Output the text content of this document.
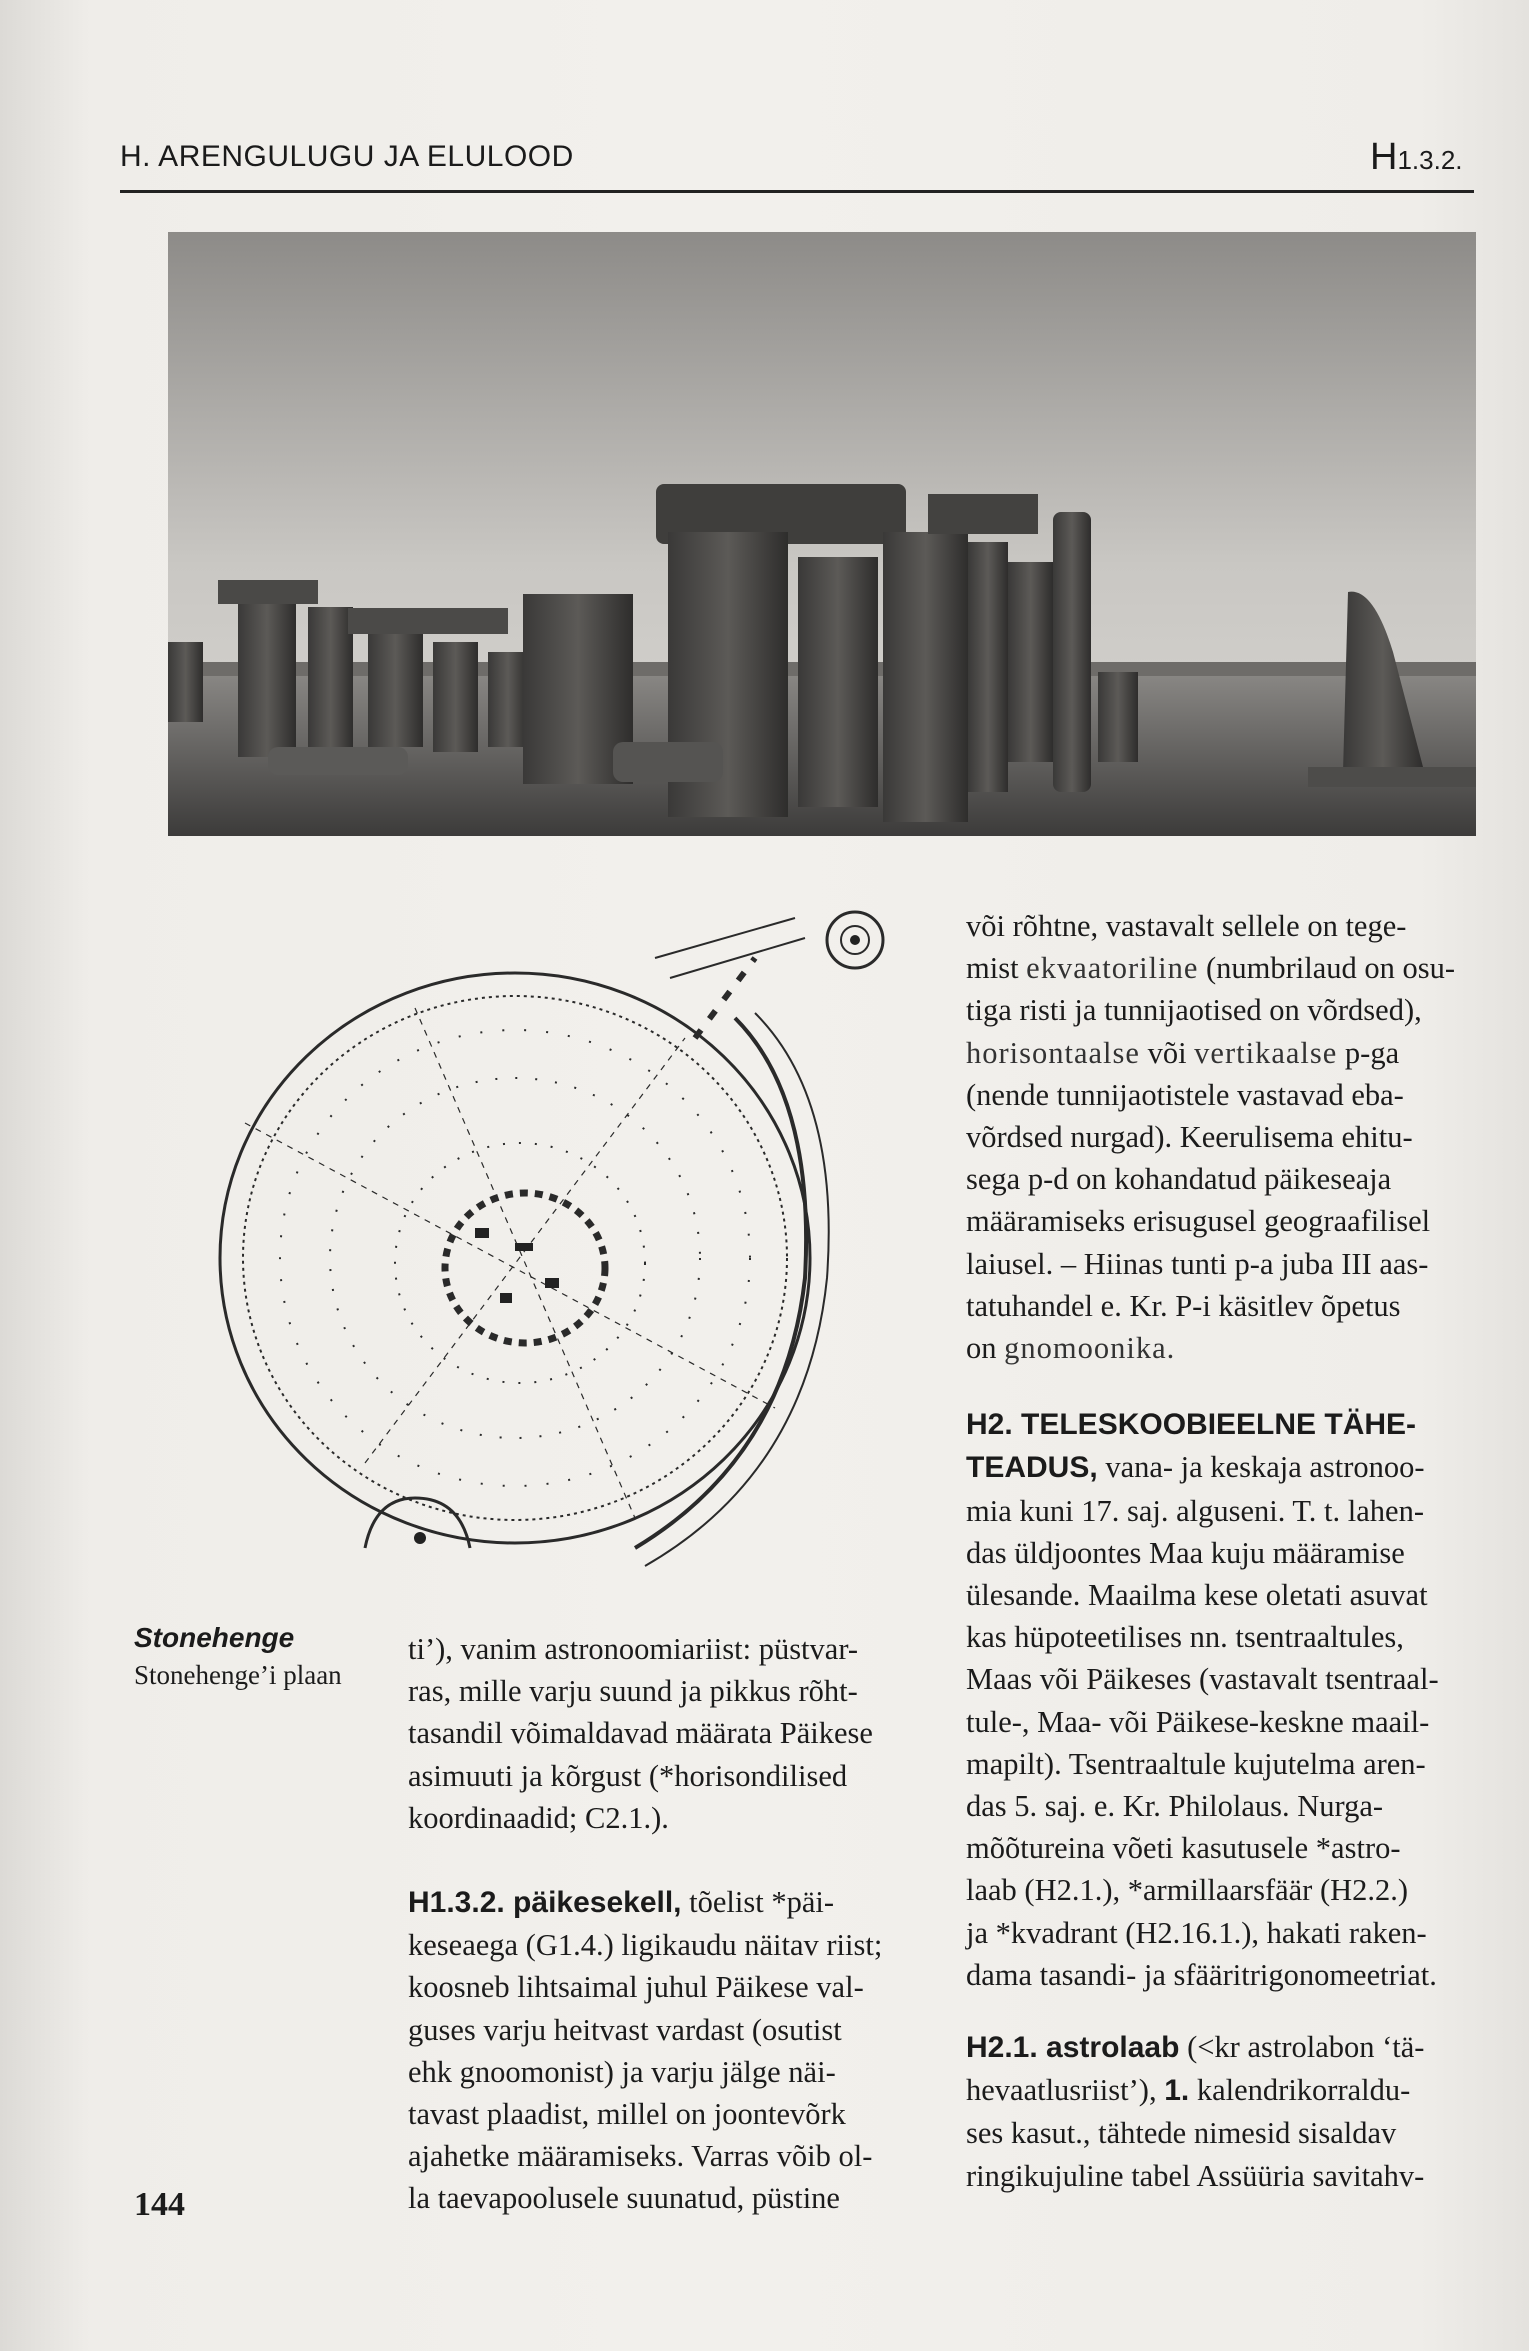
H. ARENGULUGU JA ELULOOD	H1.3.2.
Stonehenge
Stonehenge’i plaan

ti’), vanim astronoomiariist: püstvar-

ras, mille varju suund ja pikkus rõht-

tasandil võimaldavad määrata Päikese

asimuuti ja kõrgust (*horisondilised

koordinaadid; C2.1.).

H1.3.2. päikesekell, tõelist *päi-

keseaega (G1.4.) ligikaudu näitav riist;

koosneb lihtsaimal juhul Päikese val-

guses varju heitvast vardast (osutist

ehk gnoomonist) ja varju jälge näi-

tavast plaadist, millel on joontevõrk

ajahetke määramiseks. Varras võib ol-

la taevapoolusele suunatud, püstine

või rõhtne, vastavalt sellele on tege-

mist ekvaatoriline (numbrilaud on osu-

tiga risti ja tunnijaotised on võrdsed),

horisontaalse või vertikaalse p-ga

(nende tunnijaotistele vastavad eba-

võrdsed nurgad). Keerulisema ehitu-

sega p-d on kohandatud päikeseaja

määramiseks erisugusel geograafilisel

laiusel. – Hiinas tunti p-a juba III aas-

tatuhandel e. Kr. P-i käsitlev õpetus

on gnomoonika.

H2. TELESKOOBIEELNE TÄHE-

TEADUS, vana- ja keskaja astronoo-

mia kuni 17. saj. alguseni. T. t. lahen-

das üldjoontes Maa kuju määramise

ülesande. Maailma kese oletati asuvat

kas hüpoteetilises nn. tsentraaltules,

Maas või Päikeses (vastavalt tsentraal-

tule-, Maa- või Päikese-keskne maail-

mapilt). Tsentraaltule kujutelma aren-

das 5. saj. e. Kr. Philolaus. Nurga-

mõõtureina võeti kasutusele *astro-

laab (H2.1.), *armillaarsfäär (H2.2.)

ja *kvadrant (H2.16.1.), hakati raken-

dama tasandi- ja sfääritrigonomeetriat.

H2.1. astrolaab (<kr astrolabon ‘tä-

hevaatlusriist’), 1. kalendrikorraldu-

ses kasut., tähtede nimesid sisaldav

ringikujuline tabel Assüüria savitahv-

144
